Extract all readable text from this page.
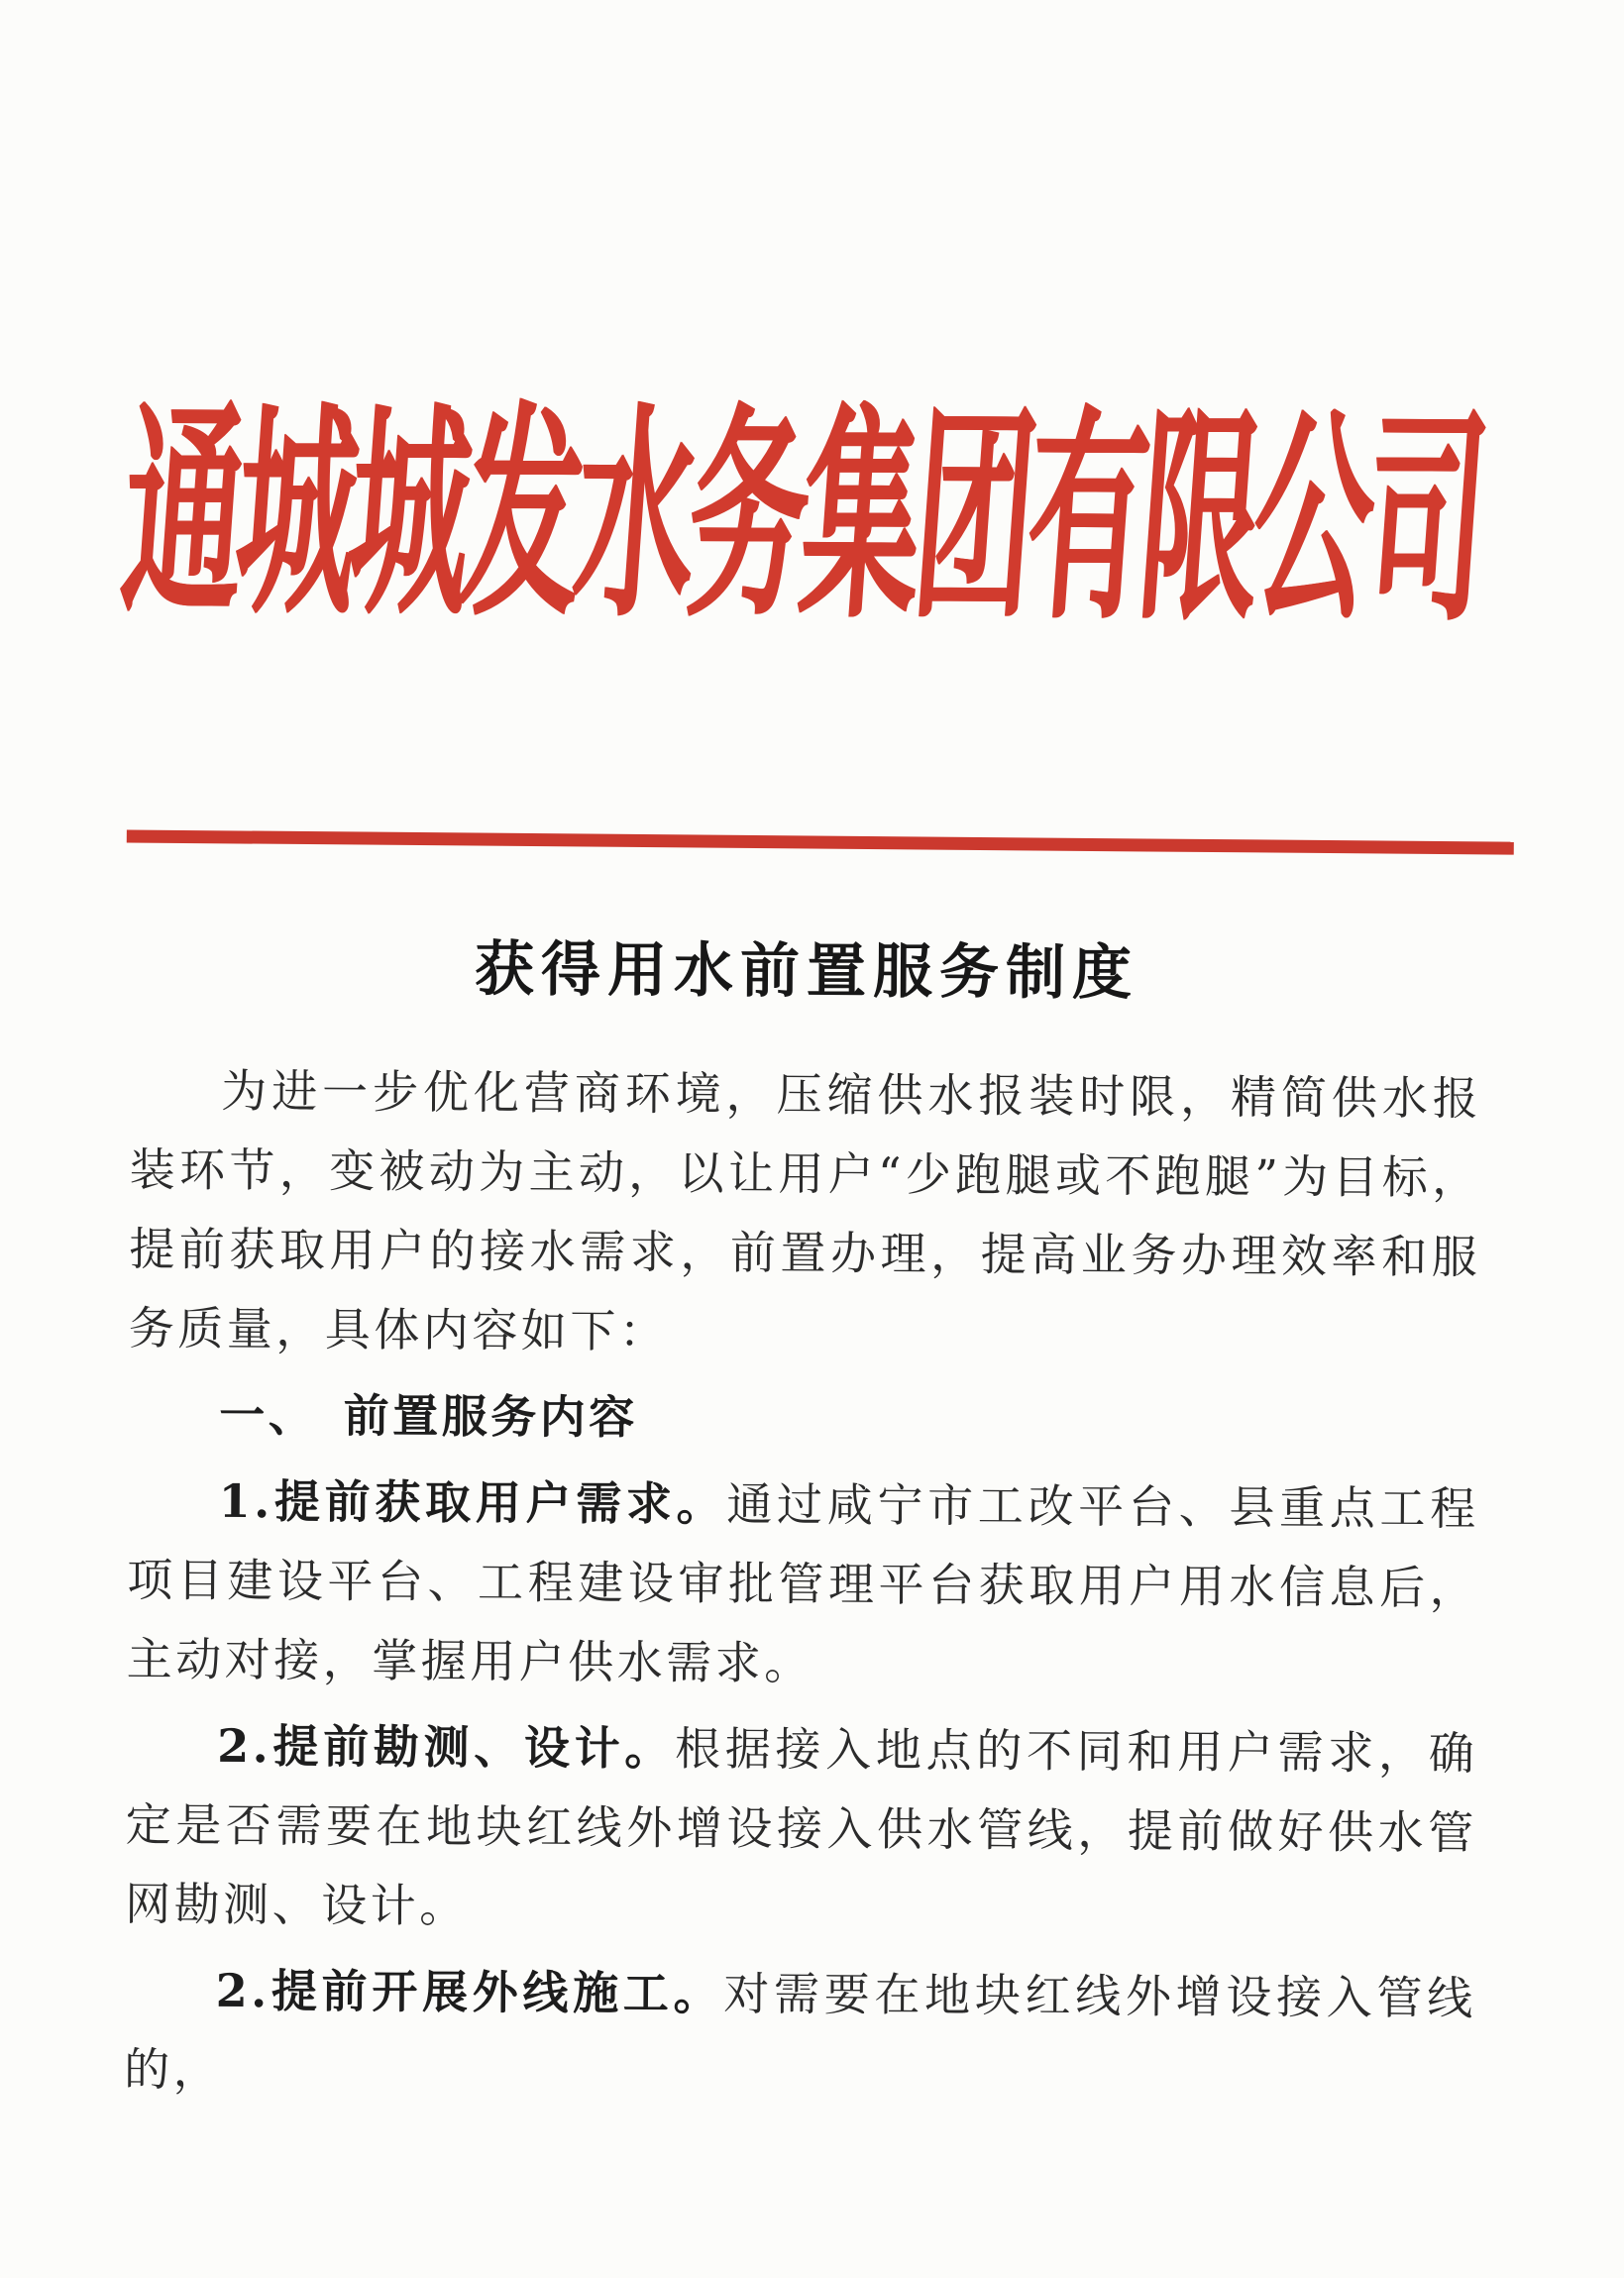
通城城发水务集团有限公司
获得用水前置服务制度

为进一步优化营商环境，压缩供水报装时限，精简供水报装环节，变被动为主动，以让用户“少跑腿或不跑腿”为目标，提前获取用户的接水需求，前置办理，提高业务办理效率和服务质量，具体内容如下：

一、　前置服务内容

1.提前获取用户需求。通过咸宁市工改平台、县重点工程项目建设平台、工程建设审批管理平台获取用户用水信息后，主动对接，掌握用户供水需求。

2.提前勘测、设计。根据接入地点的不同和用户需求，确定是否需要在地块红线外增设接入供水管线，提前做好供水管网勘测、设计。

2.提前开展外线施工。对需要在地块红线外增设接入管线的，
